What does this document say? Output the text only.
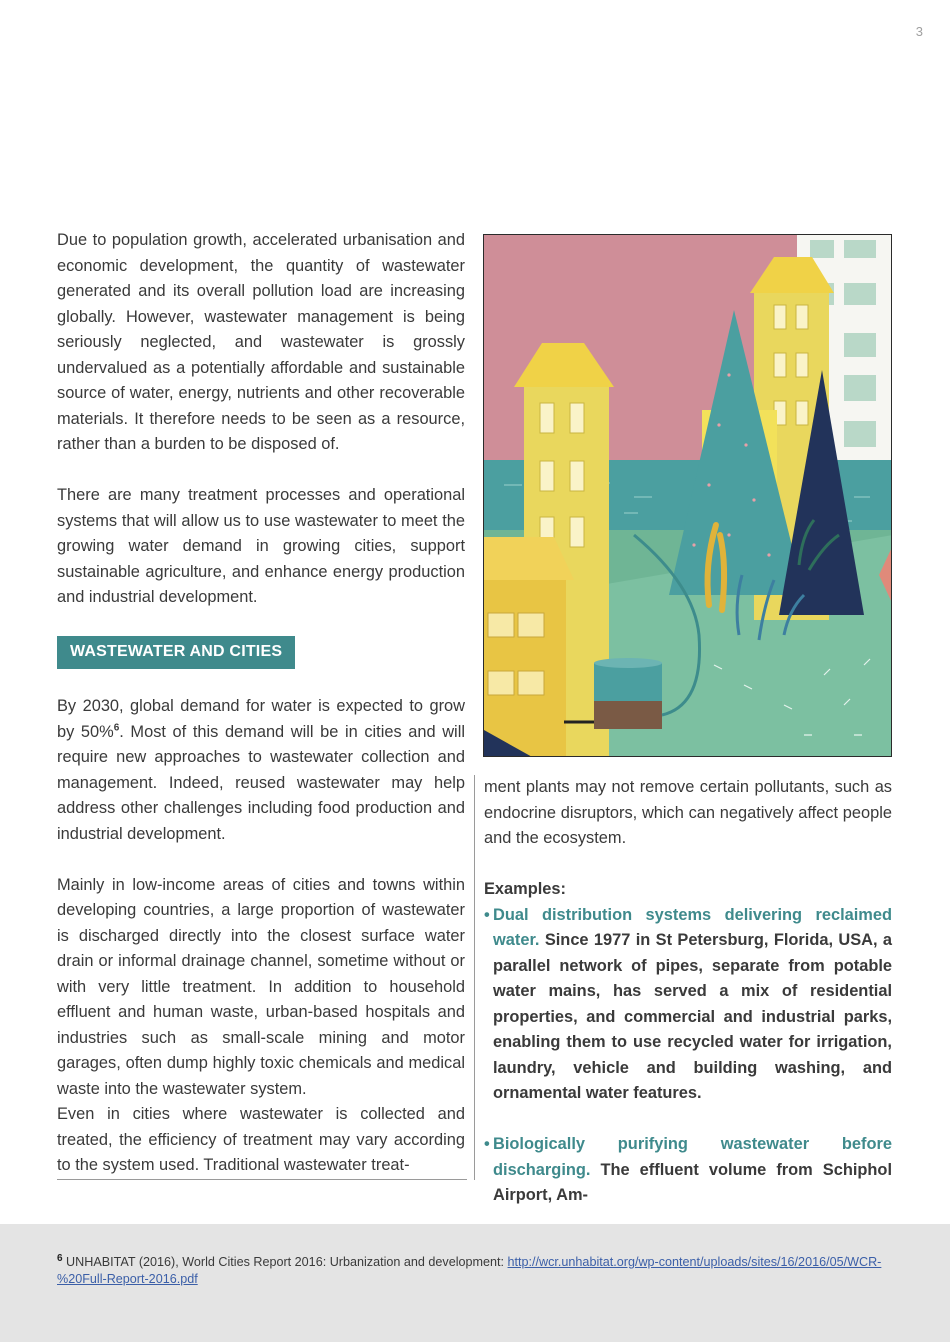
3

Due to population growth, accelerated urbanisation and economic development, the quantity of wastewater generated and its overall pollution load are increasing globally. However, wastewater management is being seriously neglected, and wastewater is grossly undervalued as a potentially affordable and sustainable source of water, energy, nutrients and other recoverable materials. It therefore needs to be seen as a resource, rather than a burden to be disposed of.

There are many treatment processes and operational systems that will allow us to use wastewater to meet the growing water demand in growing cities, support sustainable agriculture, and enhance energy production and industrial development.

WASTEWATER AND CITIES

By 2030, global demand for water is expected to grow by 50%$^6$. Most of this demand will be in cities and will require new approaches to wastewater collection and management. Indeed, reused wastewater may help address other challenges including food production and industrial development.

Mainly in low-income areas of cities and towns within developing countries, a large proportion of wastewater is discharged directly into the closest surface water drain or informal drainage channel, sometime without or with very little treatment. In addition to household effluent and human waste, urban-based hospitals and industries such as small-scale mining and motor garages, often dump highly toxic chemicals and medical waste into the wastewater system.

Even in cities where wastewater is collected and treated, the efficiency of treatment may vary according to the system used. Traditional wastewater treat-

ment plants may not remove certain pollutants, such as endocrine disruptors, which can negatively affect people and the ecosystem.

Examples:
• Dual distribution systems delivering reclaimed water. Since 1977 in St Petersburg, Florida, USA, a parallel network of pipes, separate from potable water mains, has served a mix of residential properties, and commercial and industrial parks, enabling them to use recycled water for irrigation, laundry, vehicle and building washing, and ornamental water features.
• Biologically purifying wastewater before discharging. The effluent volume from Schiphol Airport, Am-
$^6$ UNHABITAT (2016), World Cities Report 2016: Urbanization and development: http://wcr.unhabitat.org/wp-content/uploads/sites/16/2016/05/WCR-%20Full-Report-2016.pdf
